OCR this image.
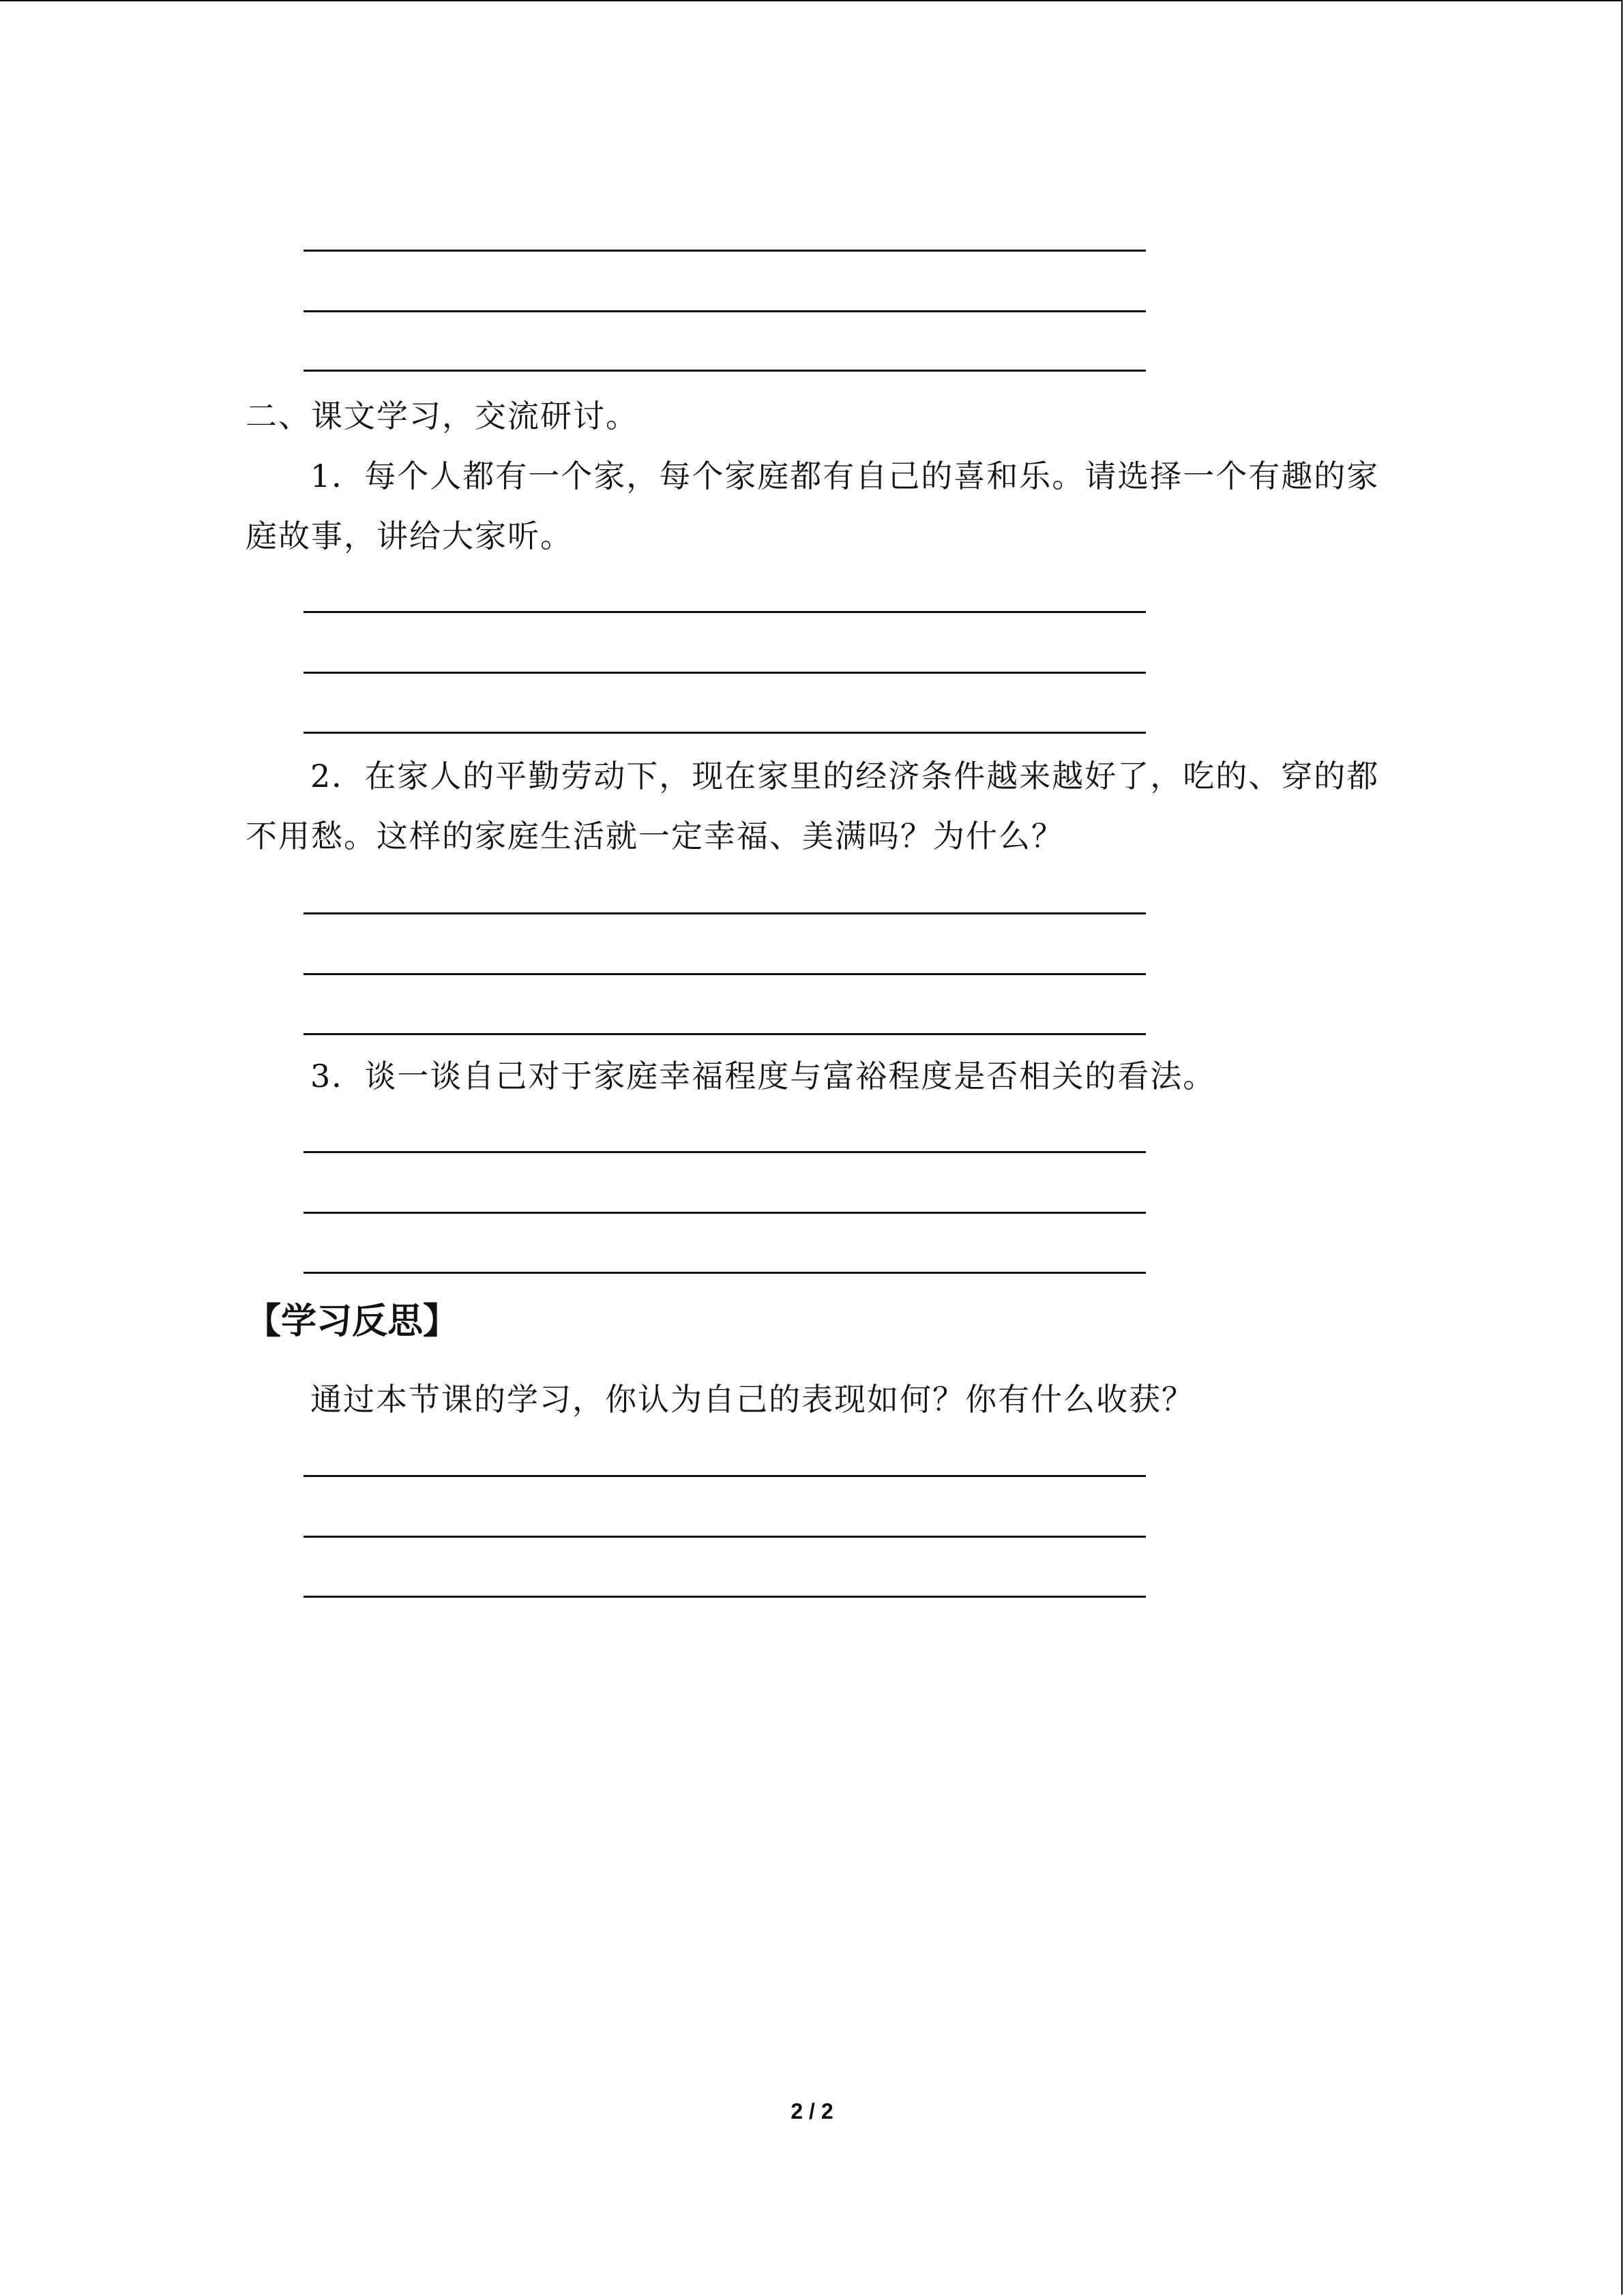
二、课文学习，交流研讨。
1．每个人都有一个家，每个家庭都有自己的喜和乐。请选择一个有趣的家
庭故事，讲给大家听。
2．在家人的平勤劳动下，现在家里的经济条件越来越好了，吃的、穿的都
不用愁。这样的家庭生活就一定幸福、美满吗？为什么？
3．谈一谈自己对于家庭幸福程度与富裕程度是否相关的看法。
【学习反思】
通过本节课的学习，你认为自己的表现如何？你有什么收获？
2 / 2
